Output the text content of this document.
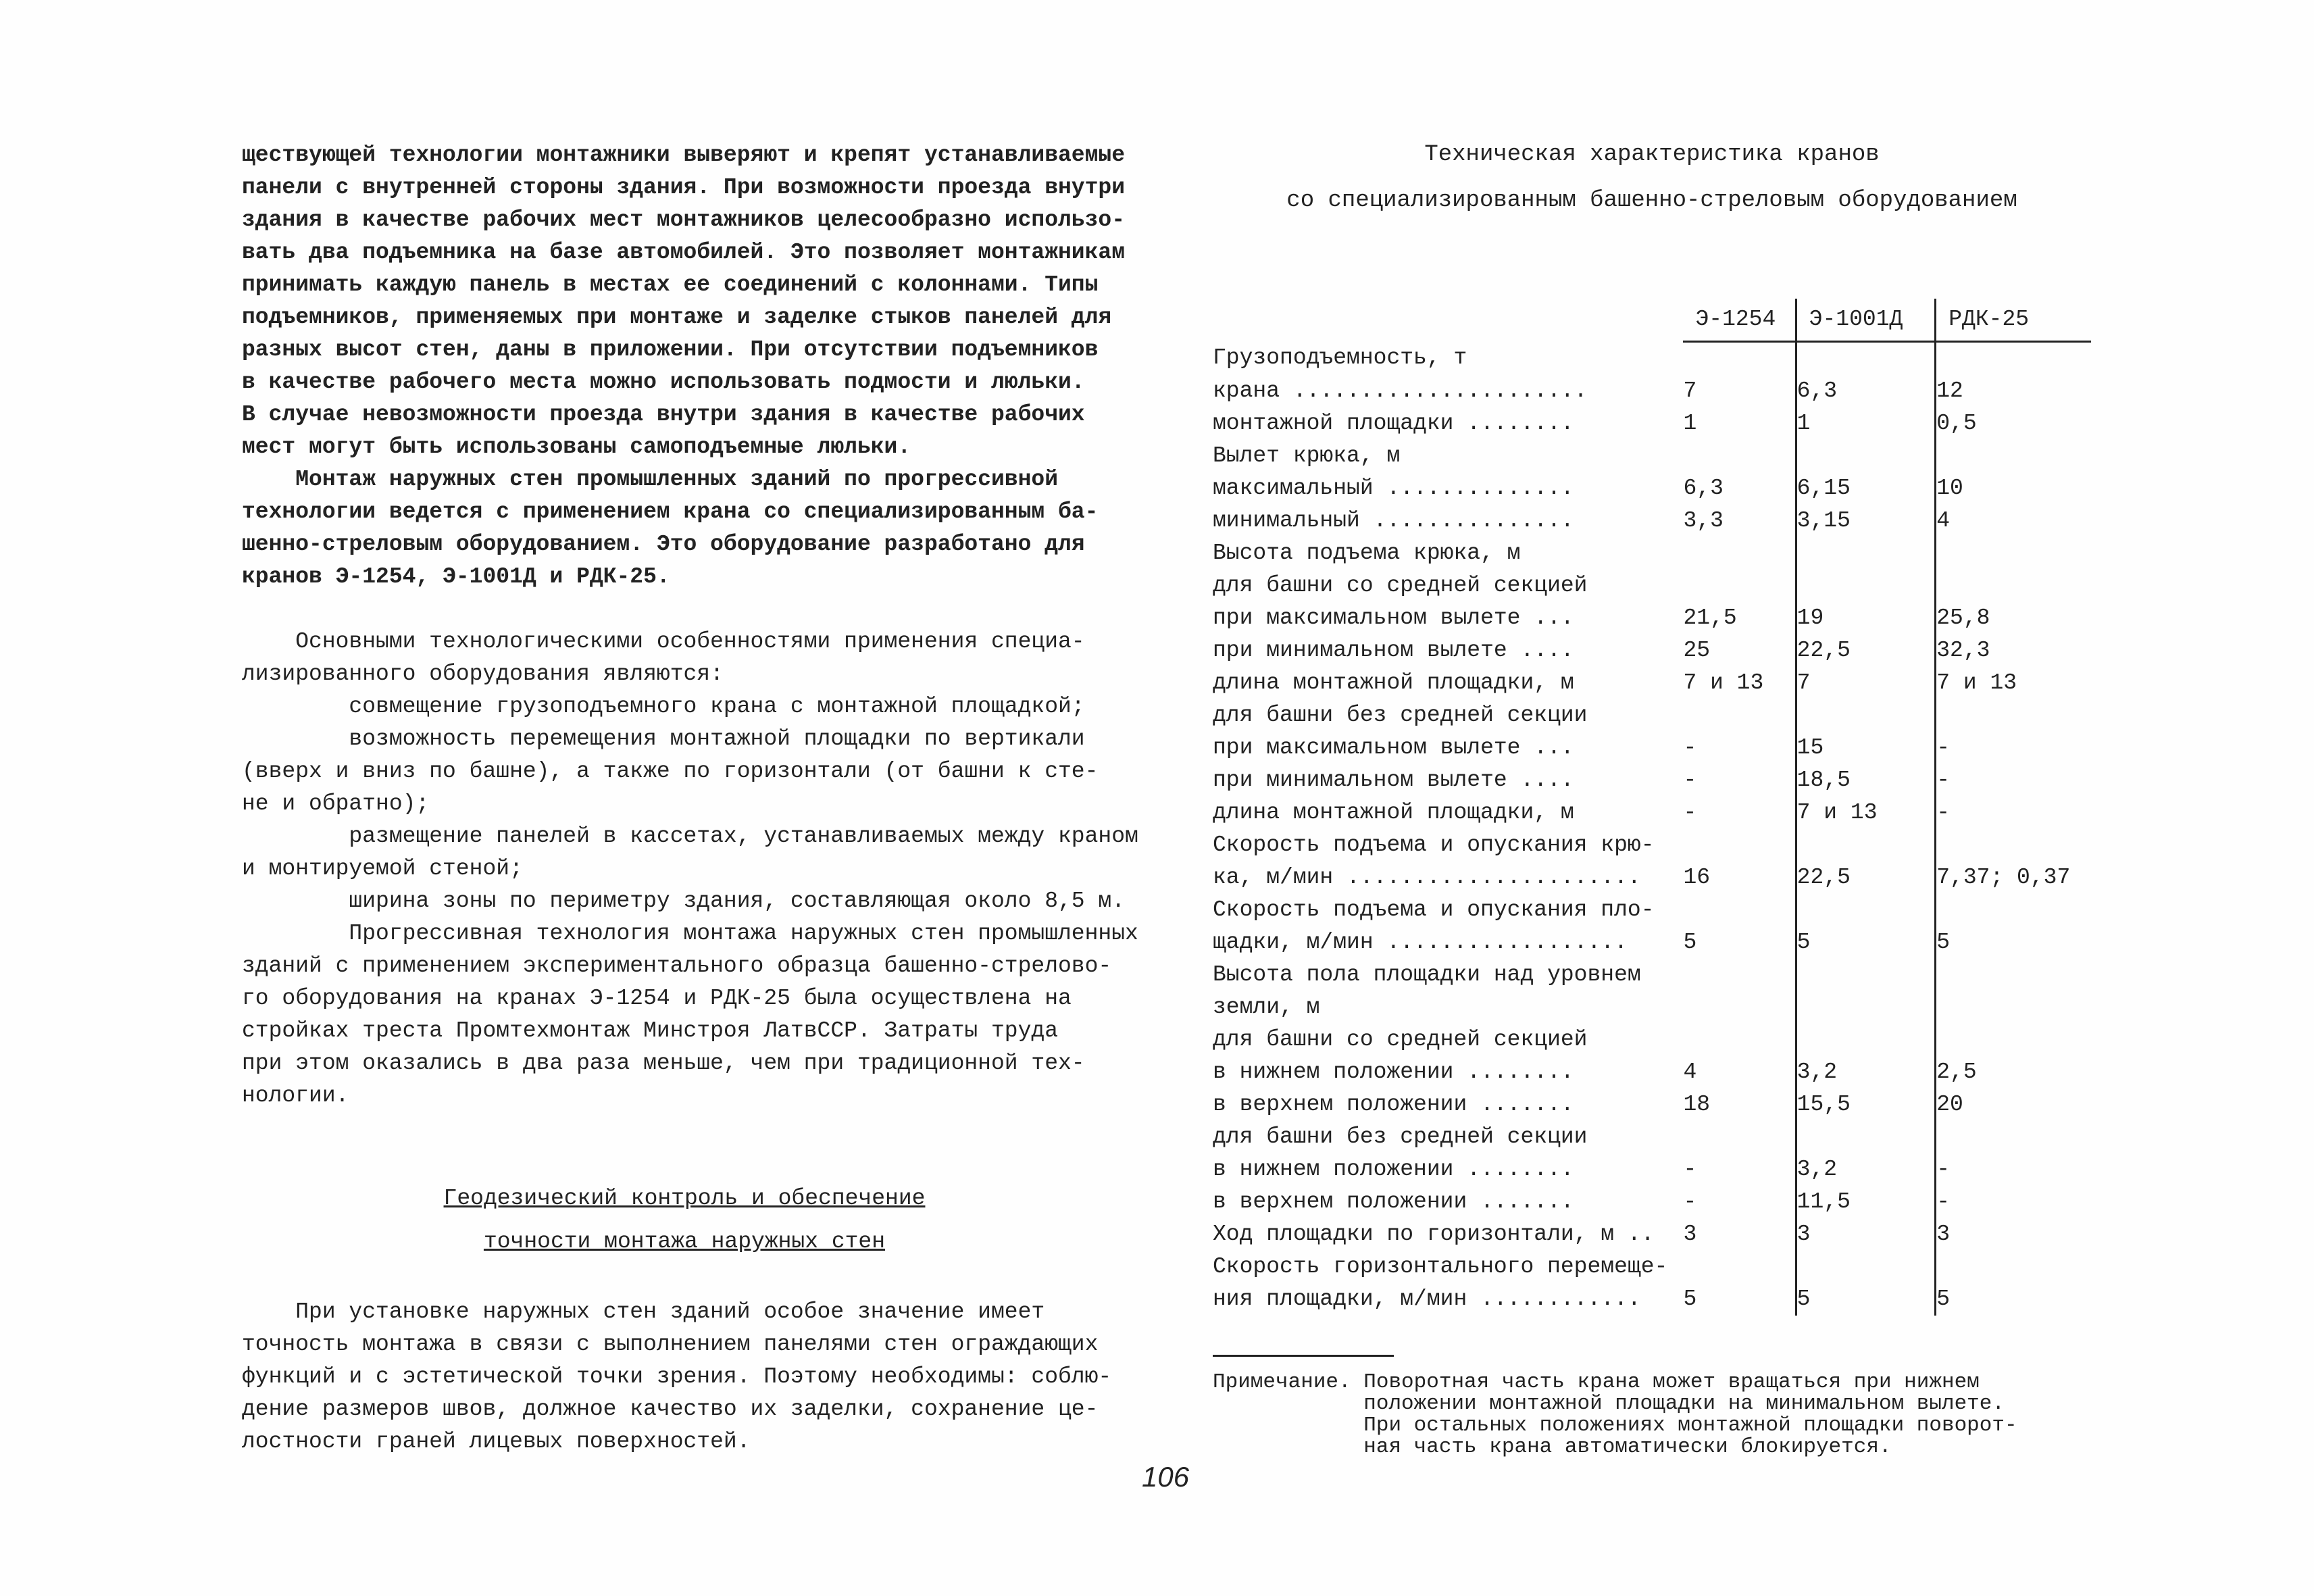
ществующей технологии монтажники выверяют и крепят устанавливаемые
панели с внутренней стороны здания. При возможности проезда внутри
здания в качестве рабочих мест монтажников целесообразно использо-
вать два подъемника на базе автомобилей. Это позволяет монтажникам
принимать каждую панель в местах ее соединений с колоннами. Типы
подъемников, применяемых при монтаже и заделке стыков панелей для
разных высот стен, даны в приложении. При отсутствии подъемников
в качестве рабочего места можно использовать подмости и люльки.
В случае невозможности проезда внутри здания в качестве рабочих
мест могут быть использованы самоподъемные люльки.
Монтаж наружных стен промышленных зданий по прогрессивной
технологии ведется с применением крана со специализированным ба-
шенно-стреловым оборудованием. Это оборудование разработано для
кранов Э-1254, Э-1001Д и РДК-25.
Основными технологическими особенностями применения специа-
лизированного оборудования являются:
совмещение грузоподъемного крана с монтажной площадкой;
возможность перемещения монтажной площадки по вертикали
(вверх и вниз по башне), а также по горизонтали (от башни к сте-
не и обратно);
размещение панелей в кассетах, устанавливаемых между краном
и монтируемой стеной;
ширина зоны по периметру здания, составляющая около 8,5 м.
Прогрессивная технология монтажа наружных стен промышленных
зданий с применением экспериментального образца башенно-стрелово-
го оборудования на кранах Э-1254 и РДК-25 была осуществлена на
стройках треста Промтехмонтаж Минстроя ЛатвССР. Затраты труда
при этом оказались в два раза меньше, чем при традиционной тех-
нологии.
Геодезический контроль и обеспечение
точности монтажа наружных стен
При установке наружных стен зданий особое значение имеет
точность монтажа в связи с выполнением панелями стен ограждающих
функций и с эстетической точки зрения. Поэтому необходимы: соблю-
дение размеров швов, должное качество их заделки, сохранение це-
лостности граней лицевых поверхностей.
106
Техническая характеристика кранов
со специализированным башенно-стреловым оборудованием
	Э-1254	Э-1001Д	РДК-25
Грузоподъемность, т			
крана ......................	7	6,3	12
монтажной площадки ........	1	1	0,5
Вылет крюка, м			
максимальный ..............	6,3	6,15	10
минимальный ...............	3,3	3,15	4
Высота подъема крюка, м			
для башни со средней секцией			
при максимальном вылете ...	21,5	19	25,8
при минимальном вылете ....	25	22,5	32,3
длина монтажной площадки, м	7 и 13	7	7 и 13
для башни без средней секции			
при максимальном вылете ...	-	15	-
при минимальном вылете ....	-	18,5	-
длина монтажной площадки, м	-	7 и 13	-
Скорость подъема и опускания крю-
ка, м/мин ......................	16	22,5	7,37; 0,37
Скорость подъема и опускания пло-
щадки, м/мин ..................	5	5	5
Высота пола площадки над уровнем
земли, м			
для башни со средней секцией			
в нижнем положении ........	4	3,2	2,5
в верхнем положении .......	18	15,5	20
для башни без средней секции			
в нижнем положении ........	-	3,2	-
в верхнем положении .......	-	11,5	-
Ход площадки по горизонтали, м ..	3	3	3
Скорость горизонтального перемеще-
ния площадки, м/мин ............	5	5	5
Примечание. Поворотная часть крана может вращаться при нижнем
положении монтажной площадки на минимальном вылете.
При остальных положениях монтажной площадки поворот-
ная часть крана автоматически блокируется.
